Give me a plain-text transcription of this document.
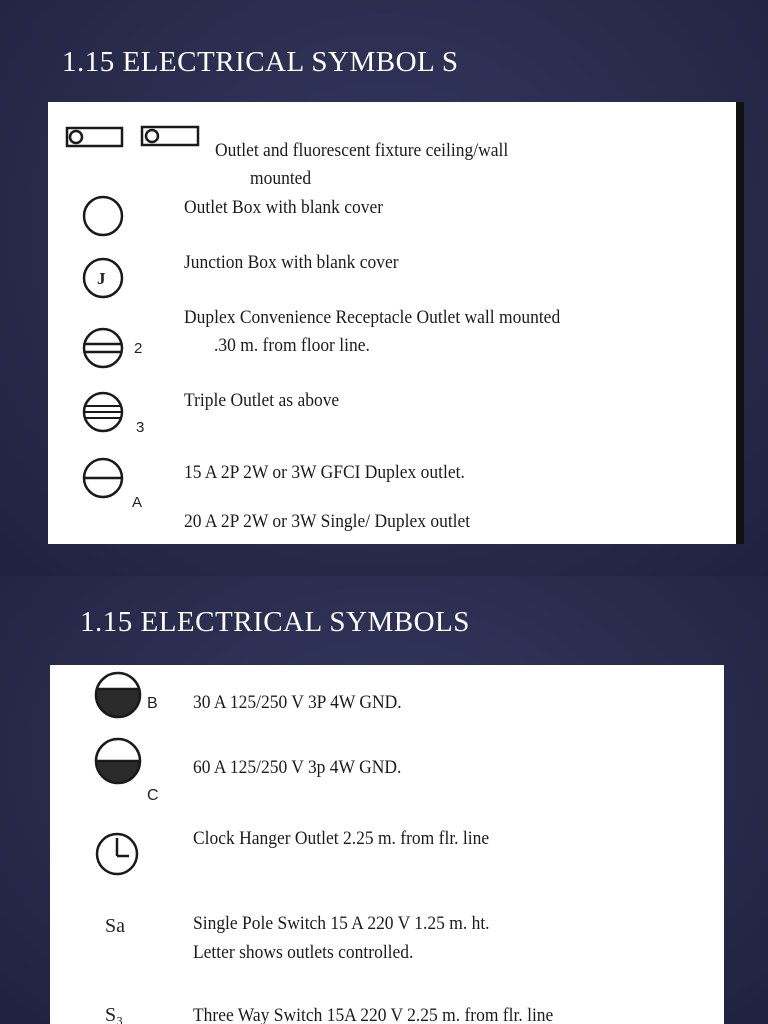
1.15 ELECTRICAL SYMBOL S
Outlet and fluorescent fixture ceiling/wall
mounted
Outlet Box with blank cover
J
Junction Box with blank cover
2
Duplex Convenience Receptacle Outlet wall mounted
.30 m. from floor line.
3
Triple Outlet as above
A
15 A 2P 2W or 3W GFCI Duplex outlet.
20 A 2P 2W or 3W Single/ Duplex outlet
1.15 ELECTRICAL SYMBOLS
B 30 A 125/250 V 3P 4W GND.
C
60 A 125/250 V 3p 4W GND.
Clock Hanger Outlet 2.25 m. from flr. line
Sa	Single Pole Switch 15 A 220 V 1.25 m. ht.
Letter shows outlets controlled.
S₃	Three Way Switch 15A 220 V 2.25 m. from flr. line
